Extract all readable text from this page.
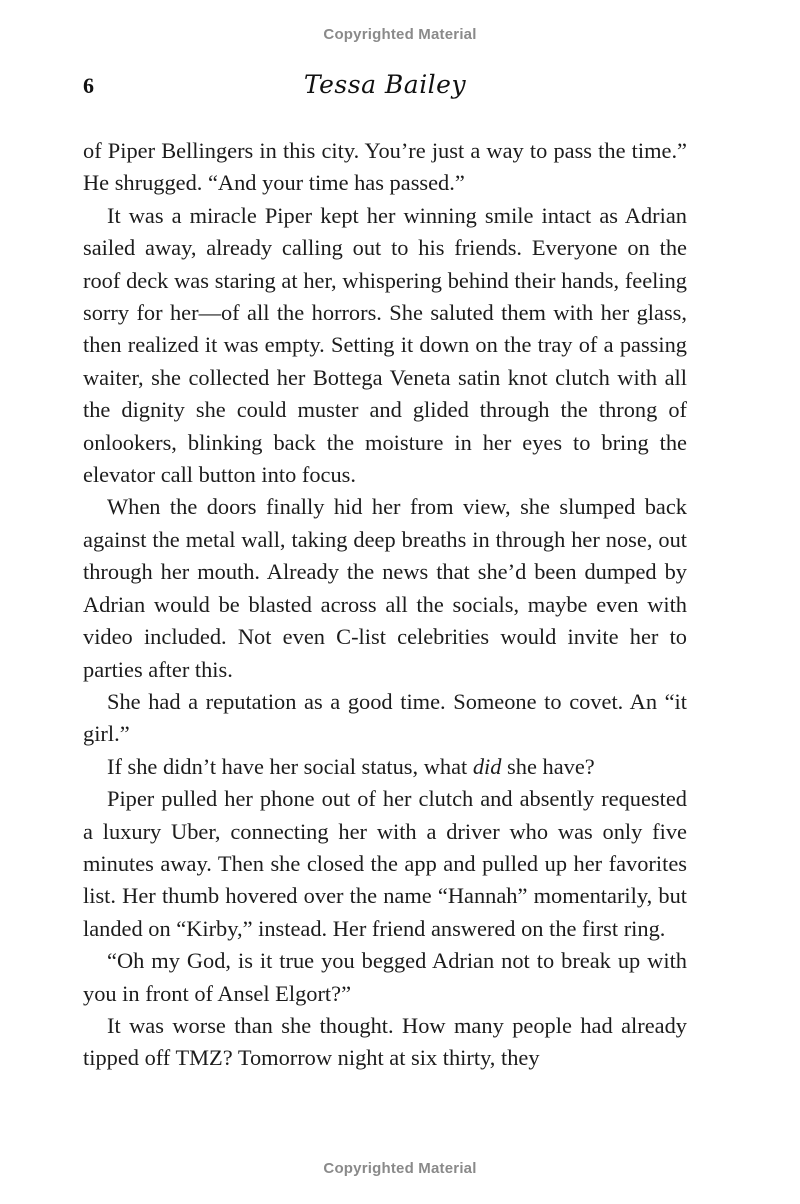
Copyrighted Material
6	Tessa Bailey

of Piper Bellingers in this city. You’re just a way to pass the time.” He shrugged. “And your time has passed.”

It was a miracle Piper kept her winning smile intact as Adrian sailed away, already calling out to his friends. Everyone on the roof deck was staring at her, whispering behind their hands, feeling sorry for her—of all the horrors. She saluted them with her glass, then realized it was empty. Setting it down on the tray of a passing waiter, she collected her Bottega Veneta satin knot clutch with all the dignity she could muster and glided through the throng of onlookers, blinking back the moisture in her eyes to bring the elevator call button into focus.

When the doors finally hid her from view, she slumped back against the metal wall, taking deep breaths in through her nose, out through her mouth. Already the news that she’d been dumped by Adrian would be blasted across all the socials, maybe even with video included. Not even C-list celebrities would invite her to parties after this.

She had a reputation as a good time. Someone to covet. An “it girl.”

If she didn’t have her social status, what did she have?

Piper pulled her phone out of her clutch and absently requested a luxury Uber, connecting her with a driver who was only five minutes away. Then she closed the app and pulled up her favorites list. Her thumb hovered over the name “Hannah” momentarily, but landed on “Kirby,” instead. Her friend answered on the first ring.

“Oh my God, is it true you begged Adrian not to break up with you in front of Ansel Elgort?”

It was worse than she thought. How many people had already tipped off TMZ? Tomorrow night at six thirty, they

Copyrighted Material
